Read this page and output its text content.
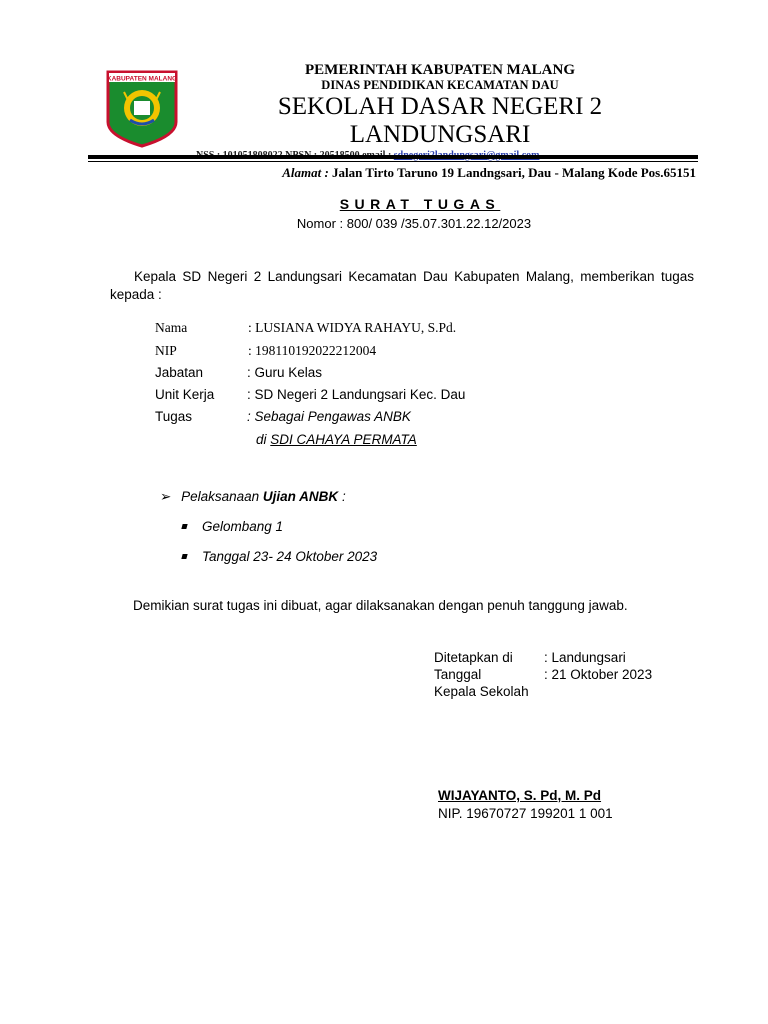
KABUPATEN MALANG
PEMERINTAH KABUPATEN MALANG
DINAS PENDIDIKAN KECAMATAN DAU
SEKOLAH DASAR NEGERI 2
LANDUNGSARI
Alamat : Jalan Tirto Taruno 19 Landngsari, Dau - Malang Kode Pos.65151
SURAT TUGAS
Nomor : 800/ 039 /35.07.301.22.12/2023
Kepala SD Negeri 2 Landungsari Kecamatan Dau Kabupaten Malang, memberikan tugas kepada :
Nama	: LUSIANA WIDYA RAHAYU, S.Pd.
NIP	: 198110192022212004
Jabatan	: Guru Kelas
Unit Kerja : SD Negeri 2 Landungsari Kec. Dau
Tugas	: Sebagai Pengawas ANBK
di SDI CAHAYA PERMATA
➢ Pelaksanaan Ujian ANBK :
Gelombang 1
Tanggal 23- 24 Oktober 2023
Demikian surat tugas ini dibuat, agar dilaksanakan dengan penuh tanggung jawab.
Ditetapkan di : Landungsari
Tanggal	: 21 Oktober 2023
Kepala Sekolah
WIJAYANTO, S. Pd, M. Pd
NIP. 19670727 199201 1 001
